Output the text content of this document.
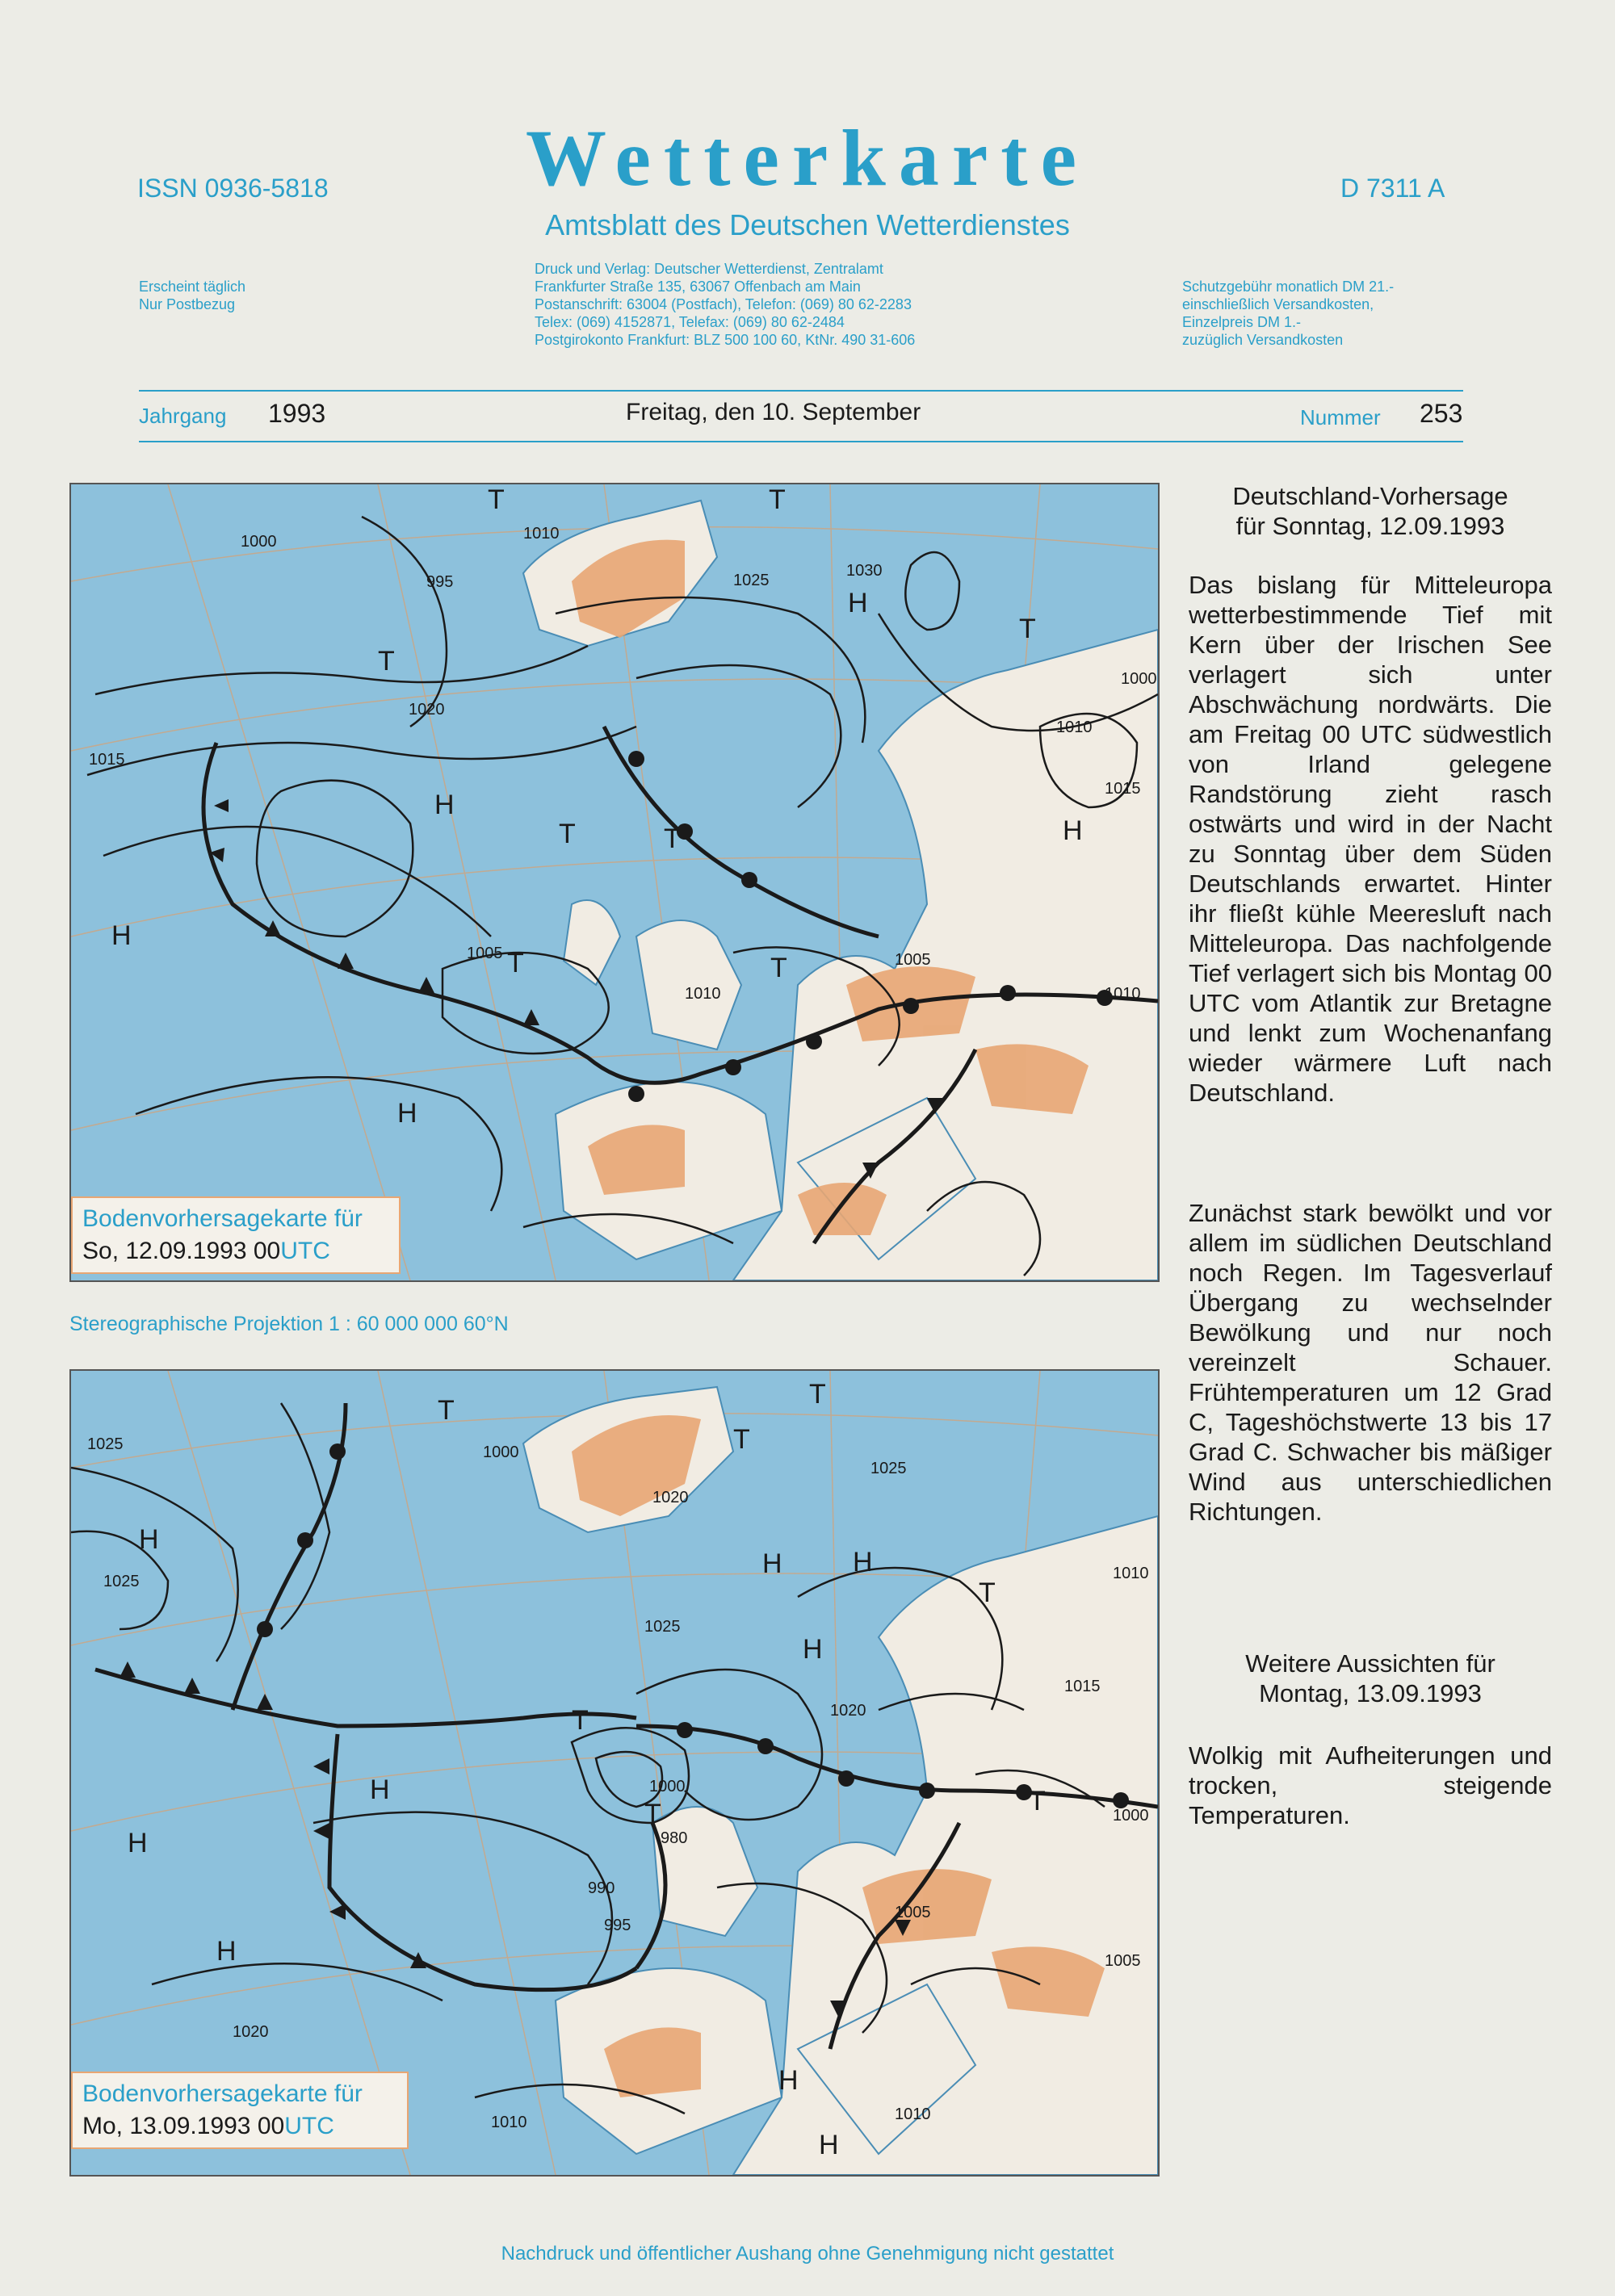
ISSN 0936-5818	Wetterkarte	D 7311 A
Amtsblatt des Deutschen Wetterdienstes
Erscheint täglich
Nur Postbezug
Druck und Verlag: Deutscher Wetterdienst, Zentralamt
Frankfurter Straße 135, 63067 Offenbach am Main
Postanschrift: 63004 (Postfach), Telefon: (069) 80 62-2283
Telex: (069) 4152871, Telefax: (069) 80 62-2484
Postgirokonto Frankfurt: BLZ 500 100 60, KtNr. 490 31-606
Schutzgebühr monatlich DM 21.-
einschließlich Versandkosten,
Einzelpreis DM 1.-
zuzüglich Versandkosten
Jahrgang 1993	Freitag, den 10. September	Nummer 253
1000
995
1010
1025
1030
1015
1020
1005
1010
1005
1010
1015
1010
1000
T
T
H
T	T
T
H
T
T
H
H
T
H
Bodenvorhersagekarte für
So, 12.09.1993 00UTC
Stereographische Projektion 1 : 60 000 000 60°N
1025
1025
1000
1020
1025
1025
1020
1010
1015
1000
1000
980
990
995
1005
1005
1020
1010	1010
T
T
H
H	H
H
T
T
H
T
T
H
H
H
T
H
Bodenvorhersagekarte für
Mo, 13.09.1993 00UTC
Deutschland-Vorhersage
für Sonntag, 12.09.1993
Das bislang für Mitteleuropa wetterbestimmende Tief mit Kern über der Irischen See verlagert sich unter Abschwächung nordwärts. Die am Freitag 00 UTC südwestlich von Irland gelegene Randstörung zieht rasch ostwärts und wird in der Nacht zu Sonntag über dem Süden Deutschlands erwartet. Hinter ihr fließt kühle Meeresluft nach Mitteleuropa. Das nachfolgende Tief verlagert sich bis Montag 00 UTC vom Atlantik zur Bretagne und lenkt zum Wochenanfang wieder wärmere Luft nach Deutschland.
Zunächst stark bewölkt und vor allem im südlichen Deutschland noch Regen. Im Tagesverlauf Übergang zu wechselnder Bewölkung und nur noch vereinzelt Schauer. Frühtemperaturen um 12 Grad C, Tageshöchstwerte 13 bis 17 Grad C. Schwacher bis mäßiger Wind aus unterschiedlichen Richtungen.
Weitere Aussichten für
Montag, 13.09.1993
Wolkig mit Aufheiterungen und trocken, steigende Temperaturen.
Nachdruck und öffentlicher Aushang ohne Genehmigung nicht gestattet
